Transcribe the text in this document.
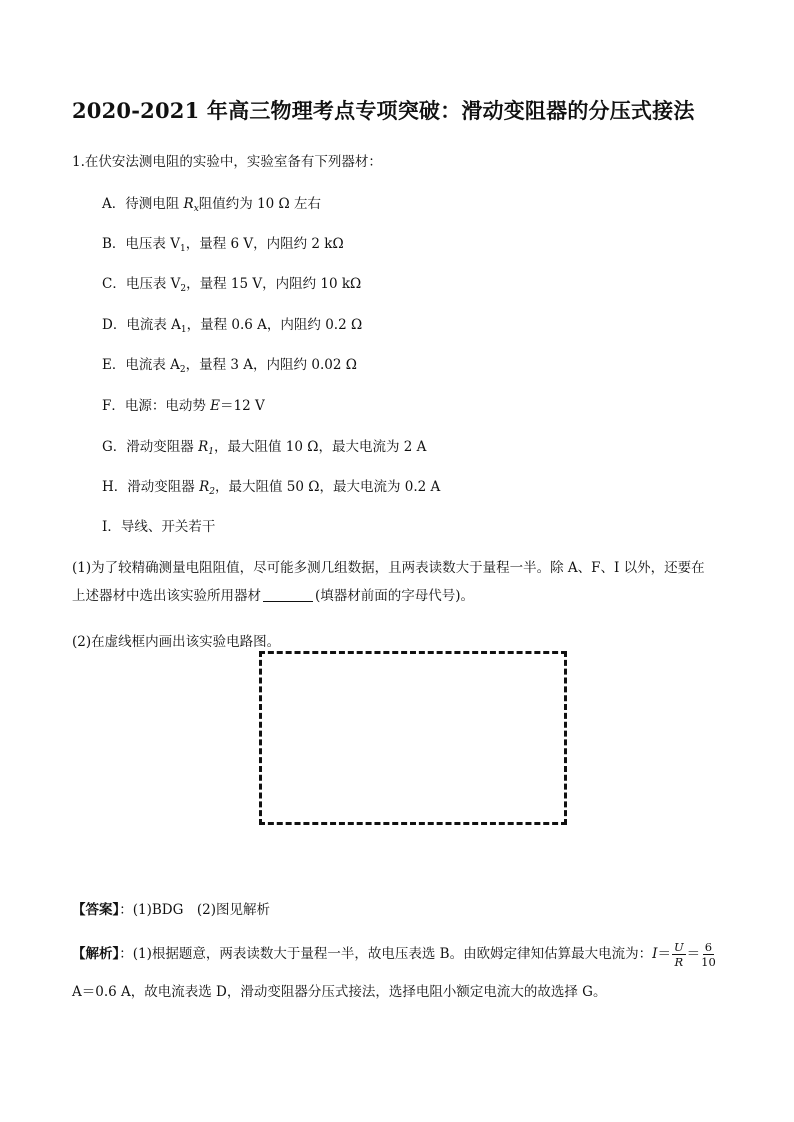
2020-2021 年高三物理考点专项突破：滑动变阻器的分压式接法
1.在伏安法测电阻的实验中，实验室备有下列器材：
A．待测电阻 $R_x$阻值约为 10 Ω 左右
B．电压表 $V_1$，量程 6 V，内阻约 2 kΩ
C．电压表 $V_2$，量程 15 V，内阻约 10 kΩ
D．电流表 $A_1$，量程 0.6 A，内阻约 0.2 Ω
E．电流表 $A_2$，量程 3 A，内阻约 0.02 Ω
F．电源：电动势 E＝12 V
G．滑动变阻器 $R_1$，最大阻值 10 Ω，最大电流为 2 A
H．滑动变阻器 $R_2$，最大阻值 50 Ω，最大电流为 0.2 A
I．导线、开关若干
(1)为了较精确测量电阻阻值，尽可能多测几组数据，且两表读数大于量程一半。除 A、F、I 以外，还要在
上述器材中选出该实验所用器材	(填器材前面的字母代号)。
(2)在虚线框内画出该实验电路图。
【答案】：(1)BDG　(2)图见解析
【解析】：(1)根据题意，两表读数大于量程一半，故电压表选 B。由欧姆定律知估算最大电流为：$I= \frac{U}{R} = \frac{6}{10}$
A＝0.6 A，故电流表选 D，滑动变阻器分压式接法，选择电阻小额定电流大的故选择 G。
